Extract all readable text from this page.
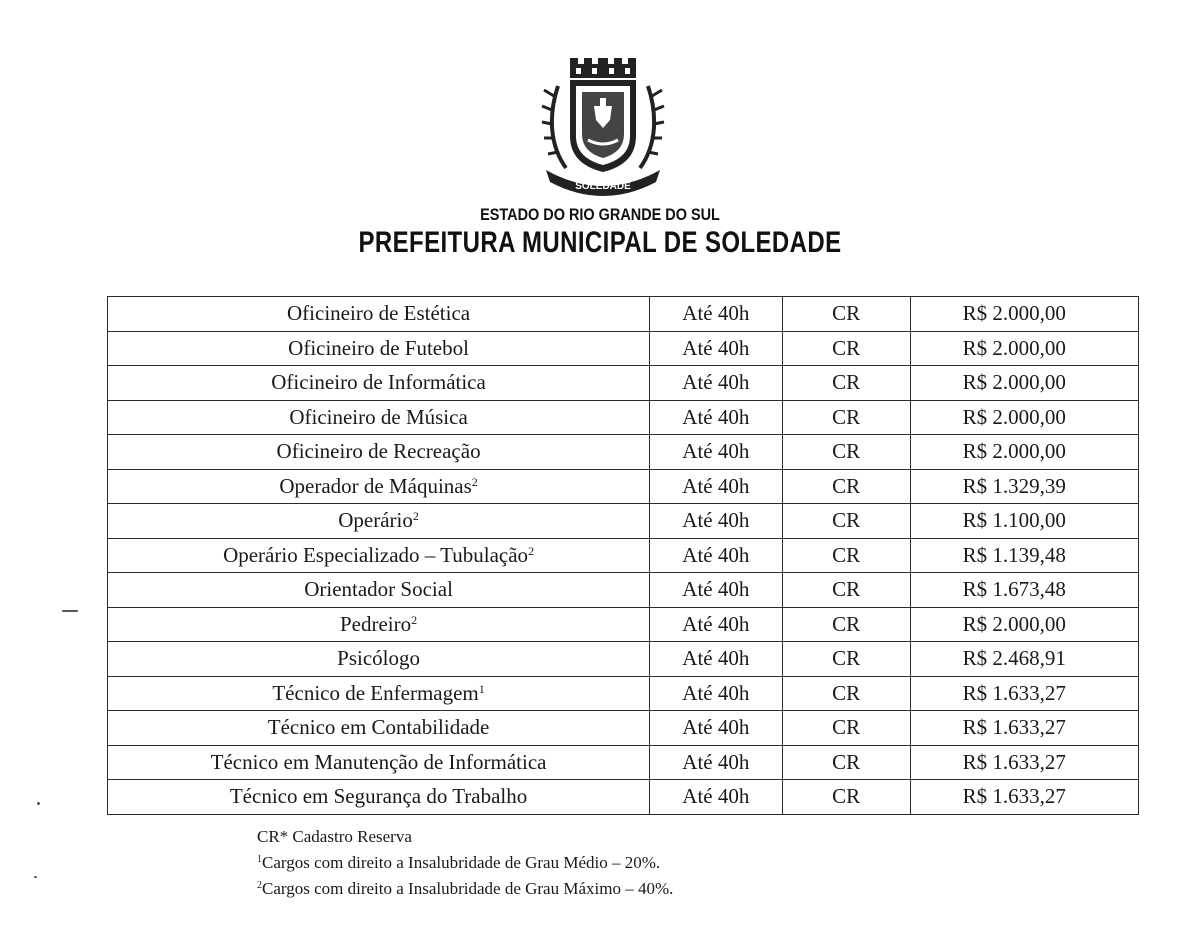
SOLEDADE
ESTADO DO RIO GRANDE DO SUL
PREFEITURA MUNICIPAL DE SOLEDADE
Oficineiro de Estética	Até 40h	CR	R$ 2.000,00
Oficineiro de Futebol	Até 40h	CR	R$ 2.000,00
Oficineiro de Informática	Até 40h	CR	R$ 2.000,00
Oficineiro de Música	Até 40h	CR	R$ 2.000,00
Oficineiro de Recreação	Até 40h	CR	R$ 2.000,00
Operador de Máquinas$^2$	Até 40h	CR	R$ 1.329,39
Operário$^2$	Até 40h	CR	R$ 1.100,00
Operário Especializado – Tubulação$^2$	Até 40h	CR	R$ 1.139,48
Orientador Social	Até 40h	CR	R$ 1.673,48
Pedreiro$^2$	Até 40h	CR	R$ 2.000,00
Psicólogo	Até 40h	CR	R$ 2.468,91
Técnico de Enfermagem$^1$	Até 40h	CR	R$ 1.633,27
Técnico em Contabilidade	Até 40h	CR	R$ 1.633,27
Técnico em Manutenção de Informática	Até 40h	CR	R$ 1.633,27
Técnico em Segurança do Trabalho	Até 40h	CR	R$ 1.633,27
CR* Cadastro Reserva
$^1$Cargos com direito a Insalubridade de Grau Médio – 20%.
$^2$Cargos com direito a Insalubridade de Grau Máximo – 40%.
